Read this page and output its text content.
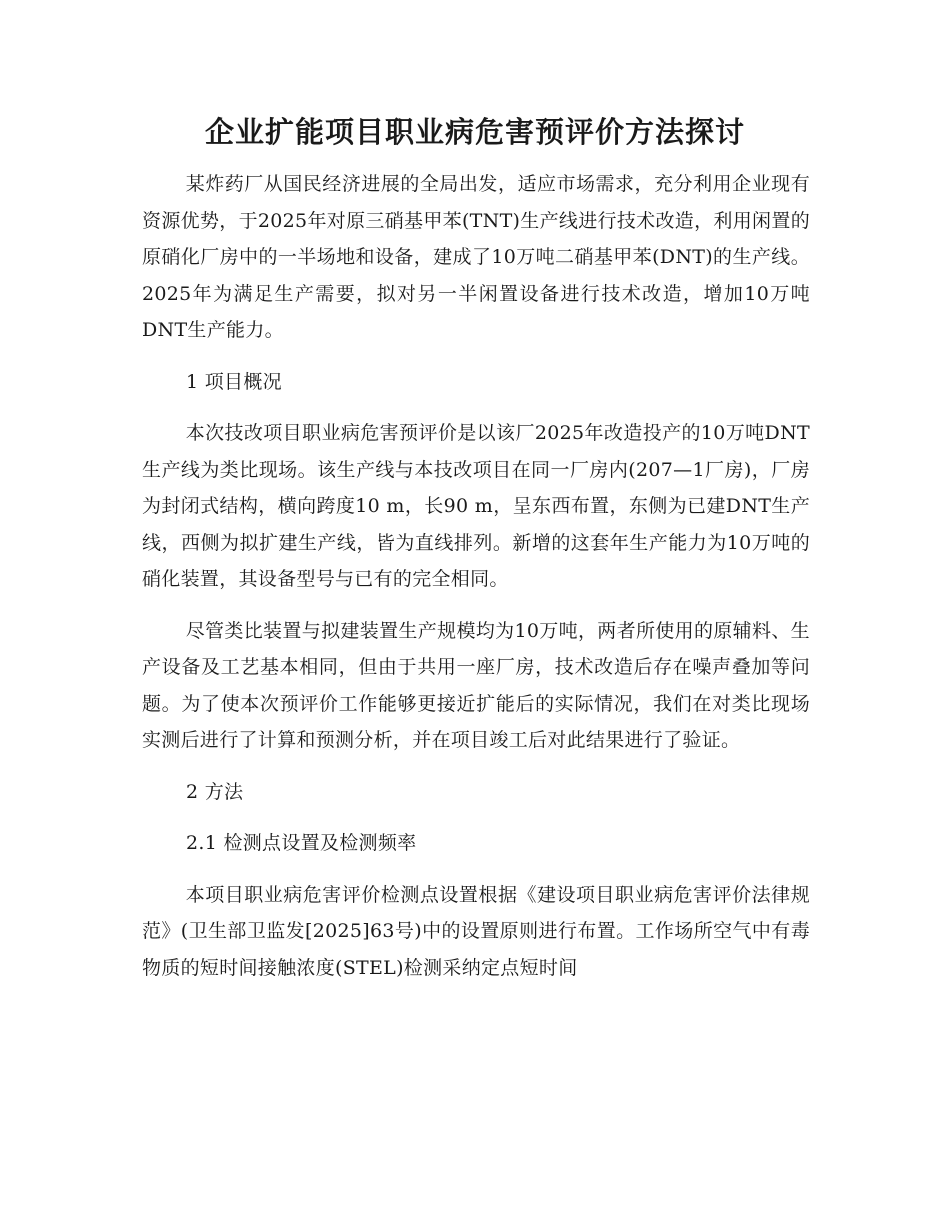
企业扩能项目职业病危害预评价方法探讨

某炸药厂从国民经济进展的全局出发，适应市场需求，充分利用企业现有资源优势，于2025年对原三硝基甲苯(TNT)生产线进行技术改造，利用闲置的原硝化厂房中的一半场地和设备，建成了10万吨二硝基甲苯(DNT)的生产线。2025年为满足生产需要，拟对另一半闲置设备进行技术改造，增加10万吨DNT生产能力。

1 项目概况

本次技改项目职业病危害预评价是以该厂2025年改造投产的10万吨DNT生产线为类比现场。该生产线与本技改项目在同一厂房内(207—1厂房)，厂房为封闭式结构，横向跨度10 m，长90 m，呈东西布置，东侧为已建DNT生产线，西侧为拟扩建生产线，皆为直线排列。新增的这套年生产能力为10万吨的硝化装置，其设备型号与已有的完全相同。

尽管类比装置与拟建装置生产规模均为10万吨，两者所使用的原辅料、生产设备及工艺基本相同，但由于共用一座厂房，技术改造后存在噪声叠加等问题。为了使本次预评价工作能够更接近扩能后的实际情况，我们在对类比现场实测后进行了计算和预测分析，并在项目竣工后对此结果进行了验证。

2 方法

2.1 检测点设置及检测频率

本项目职业病危害评价检测点设置根据《建设项目职业病危害评价法律规范》(卫生部卫监发[2025]63号)中的设置原则进行布置。工作场所空气中有毒物质的短时间接触浓度(STEL)检测采纳定点短时间
